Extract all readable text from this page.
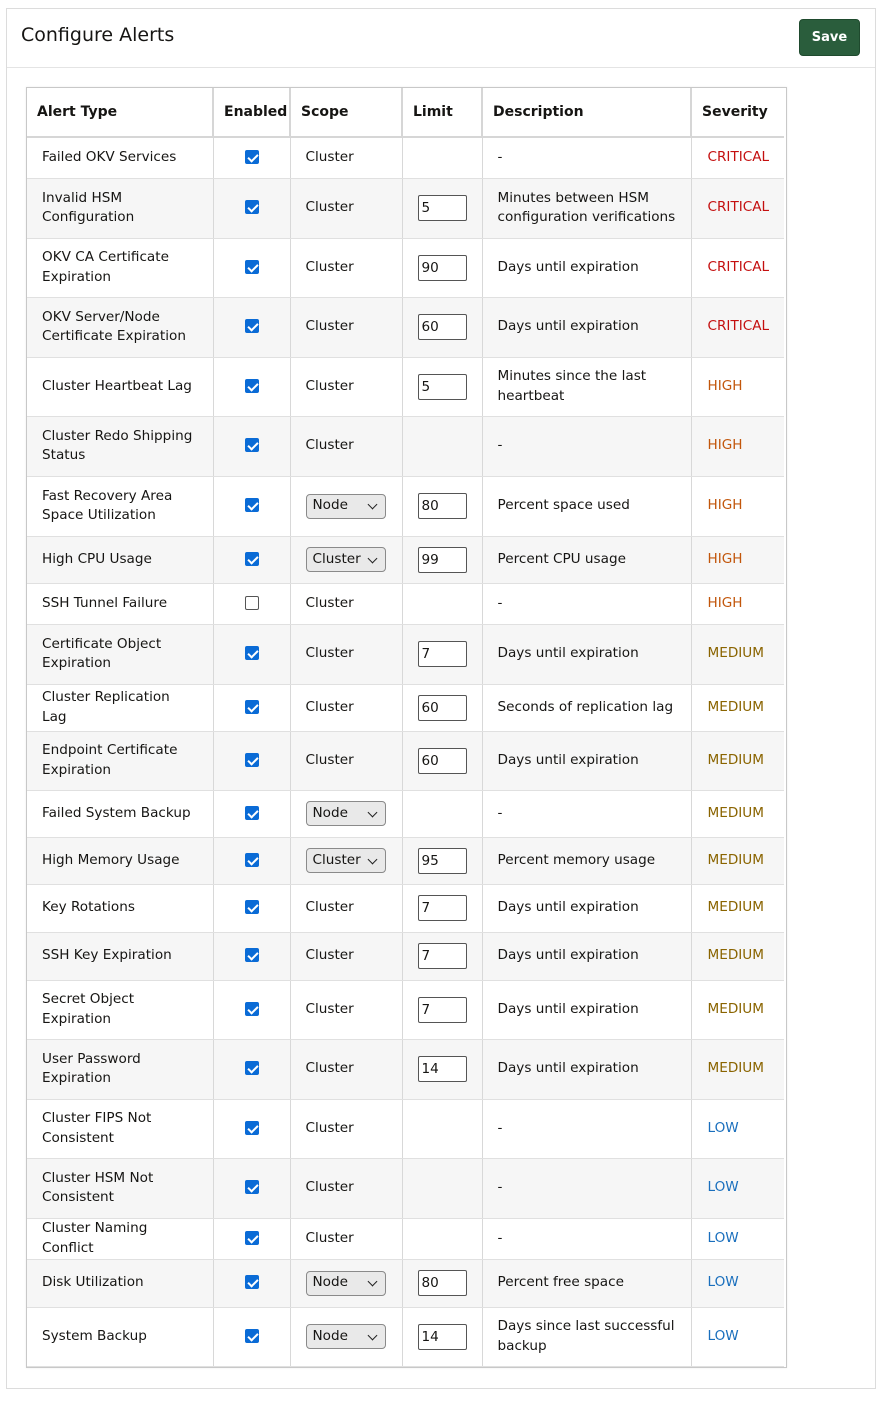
Configure Alerts	Save
Alert Type	Enabled	Scope	Limit	Description	Severity
Failed OKV Services		Cluster		-	CRITICAL
Invalid HSM Configuration		Cluster	5	Minutes between HSM configuration verifications	CRITICAL
OKV CA Certificate Expiration		Cluster	90	Days until expiration	CRITICAL
OKV Server/Node Certificate Expiration		Cluster	60	Days until expiration	CRITICAL
Cluster Heartbeat Lag		Cluster	5	Minutes since the last heartbeat	HIGH
Cluster Redo Shipping Status		Cluster		-	HIGH
Fast Recovery Area Space Utilization		Node	80	Percent space used	HIGH
High CPU Usage		Cluster	99	Percent CPU usage	HIGH
SSH Tunnel Failure		Cluster		-	HIGH
Certificate Object Expiration		Cluster	7	Days until expiration	MEDIUM
Cluster Replication Lag		Cluster	60	Seconds of replication lag	MEDIUM
Endpoint Certificate Expiration		Cluster	60	Days until expiration	MEDIUM
Failed System Backup		Node		-	MEDIUM
High Memory Usage		Cluster	95	Percent memory usage	MEDIUM
Key Rotations		Cluster	7	Days until expiration	MEDIUM
SSH Key Expiration		Cluster	7	Days until expiration	MEDIUM
Secret Object Expiration		Cluster	7	Days until expiration	MEDIUM
User Password Expiration		Cluster	14	Days until expiration	MEDIUM
Cluster FIPS Not Consistent		Cluster		-	LOW
Cluster HSM Not Consistent		Cluster		-	LOW
Cluster Naming Conflict		Cluster		-	LOW
Disk Utilization		Node	80	Percent free space	LOW
System Backup		Node	14	Days since last successful backup	LOW
